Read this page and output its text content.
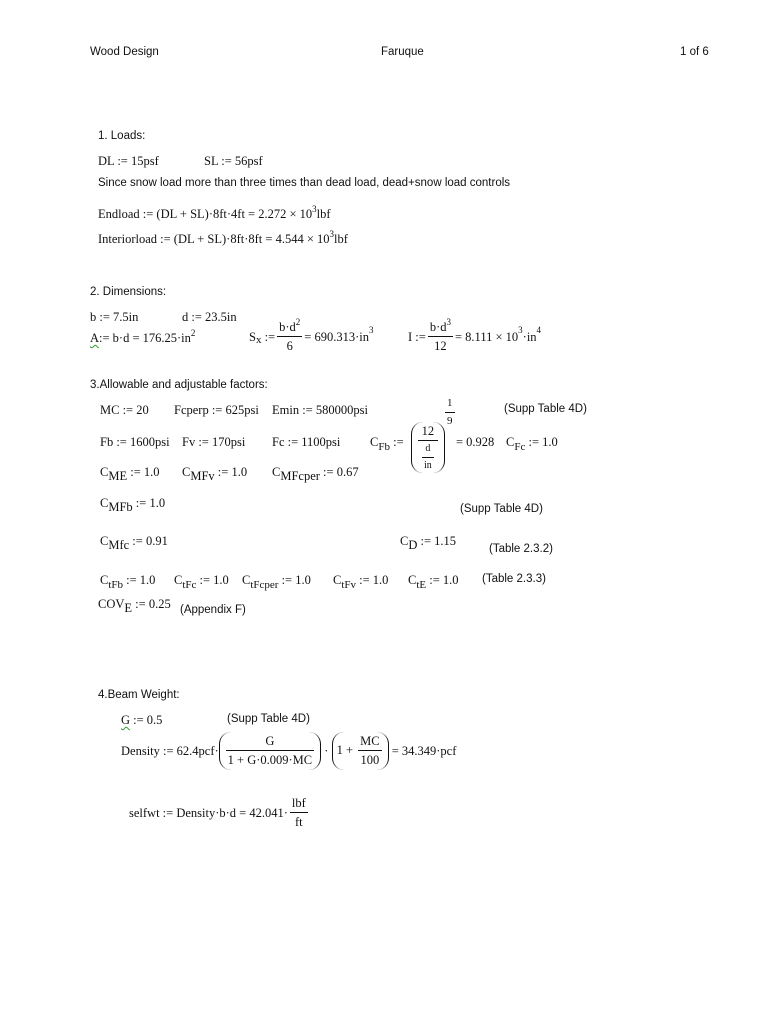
Wood Design	Faruque	1 of 6
1. Loads:
DL := 15psf	SL := 56psf
Since snow load more than three times than dead load, dead+snow load controls
Endload := $(DL + SL)\cdot 8ft\cdot 4ft = 2.272 \times 10^3lbf$
Interiorload := $(DL + SL)\cdot 8ft\cdot 8ft = 4.544 \times 10^3lbf$
2. Dimensions:
b := 7.5in	d := 23.5in
A:= $b\cdot d = 176.25\cdot in^2$	$S_x$
:= $\frac{b\cdot d^2}{6} = 690.313\cdot in^3$	I := $\frac{b\cdot d^3}{12} = 8.111 \times 10^3 \cdot in^4$
3.Allowable and adjustable factors:
MC := 20 Fcperp := 625psi Emin := 580000psi	(Supp Table 4D)
Fb := 1600psi Fv := 170psi Fc := 1100psi $C_{Fb}$ := $\frac{12}{\frac{d}{in}}$
$\frac{1}{9}$
= 0.928 $C_{Fc}$ := 1.0
$C_{ME}$ := 1.0 $C_{MFv}$ := 1.0 $C_{MFcper}$ := 0.67
$C_{MFb}$ := 1.0	(Supp Table 4D)
$C_{Mfc}$ := 0.91	$C_D$ := 1.15
(Table 2.3.2)
$C_{tFb}$ := 1.0 $C_{tFc}$ := 1.0 $C_{tFcper}$ := 1.0 $C_{tFv}$ := 1.0 $C_{tE}$ := 1.0 (Table 2.3.3)
$COV_E$ := 0.25 (Appendix F)
4.Beam Weight:
G := 0.5	(Supp Table 4D)
Density := $62.4pcf\cdot \frac{G}{1 + G\cdot 0.009\cdot MC} \cdot 1 + \frac{MC}{100}$
= 34.349·pcf
selfwt := Density·b·d = $42.041\cdot \frac{\text{lbf}}{ft}$
